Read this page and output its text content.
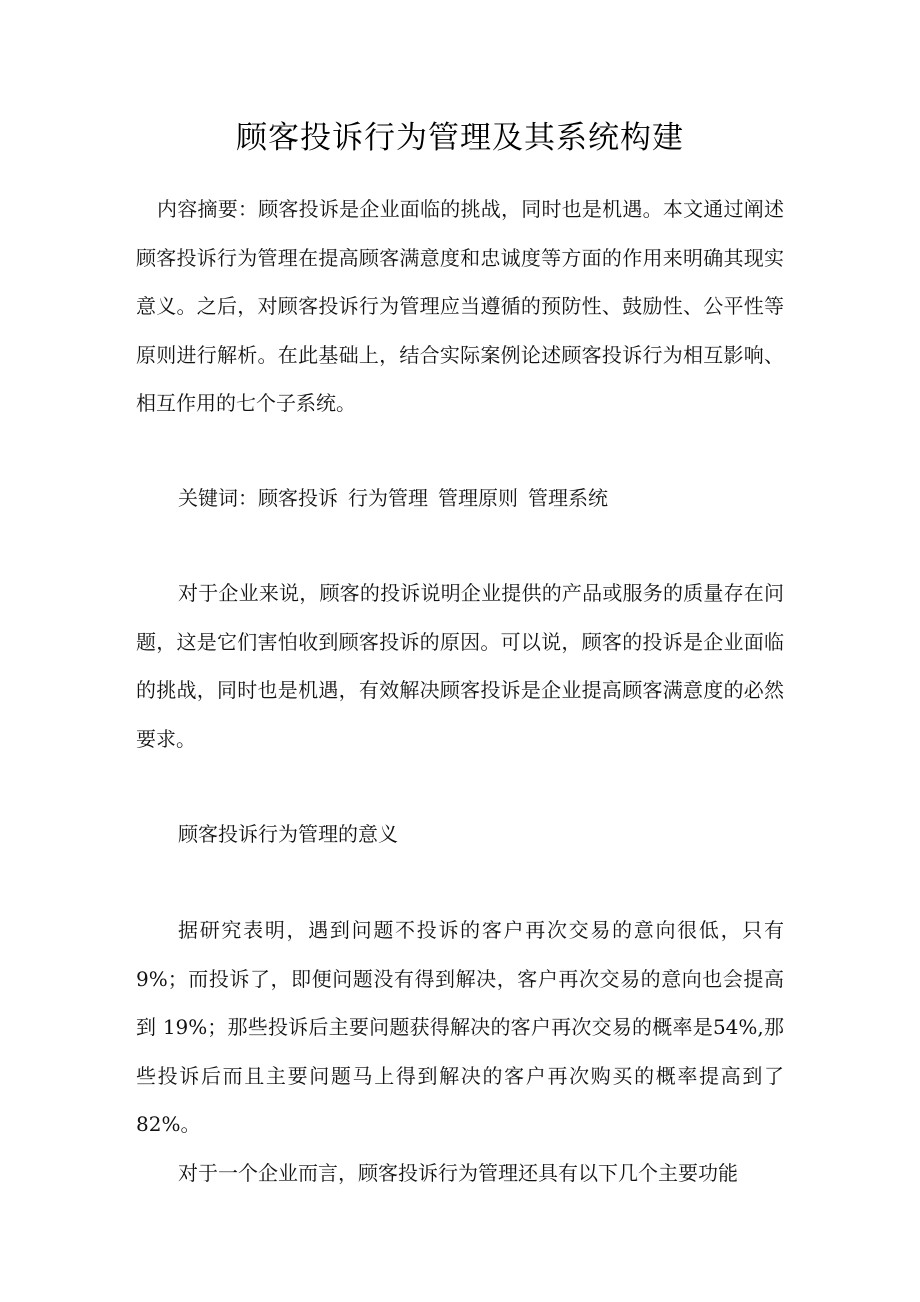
顾客投诉行为管理及其系统构建

内容摘要：顾客投诉是企业面临的挑战，同时也是机遇。本文通过阐述顾客投诉行为管理在提高顾客满意度和忠诚度等方面的作用来明确其现实意义。之后，对顾客投诉行为管理应当遵循的预防性、鼓励性、公平性等原则进行解析。在此基础上，结合实际案例论述顾客投诉行为相互影响、相互作用的七个子系统。

关键词：顾客投诉 行为管理 管理原则 管理系统

对于企业来说，顾客的投诉说明企业提供的产品或服务的质量存在问题，这是它们害怕收到顾客投诉的原因。可以说，顾客的投诉是企业面临的挑战，同时也是机遇，有效解决顾客投诉是企业提高顾客满意度的必然要求。

顾客投诉行为管理的意义

据研究表明，遇到问题不投诉的客户再次交易的意向很低，只有9%；而投诉了，即便问题没有得到解决，客户再次交易的意向也会提高到 19%；那些投诉后主要问题获得解决的客户再次交易的概率是54%,那些投诉后而且主要问题马上得到解决的客户再次购买的概率提高到了 82%。

对于一个企业而言，顾客投诉行为管理还具有以下几个主要功能
